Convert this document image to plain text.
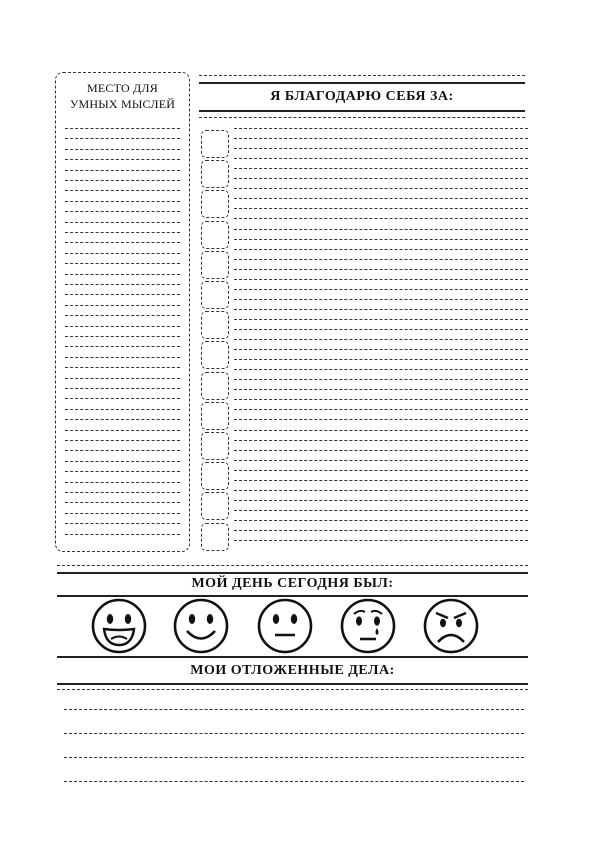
МЕСТО ДЛЯ
УМНЫХ МЫСЛЕЙ	Я БЛАГОДАРЮ СЕБЯ ЗА:
МОЙ ДЕНЬ СЕГОДНЯ БЫЛ:
МОИ ОТЛОЖЕННЫЕ ДЕЛА:
